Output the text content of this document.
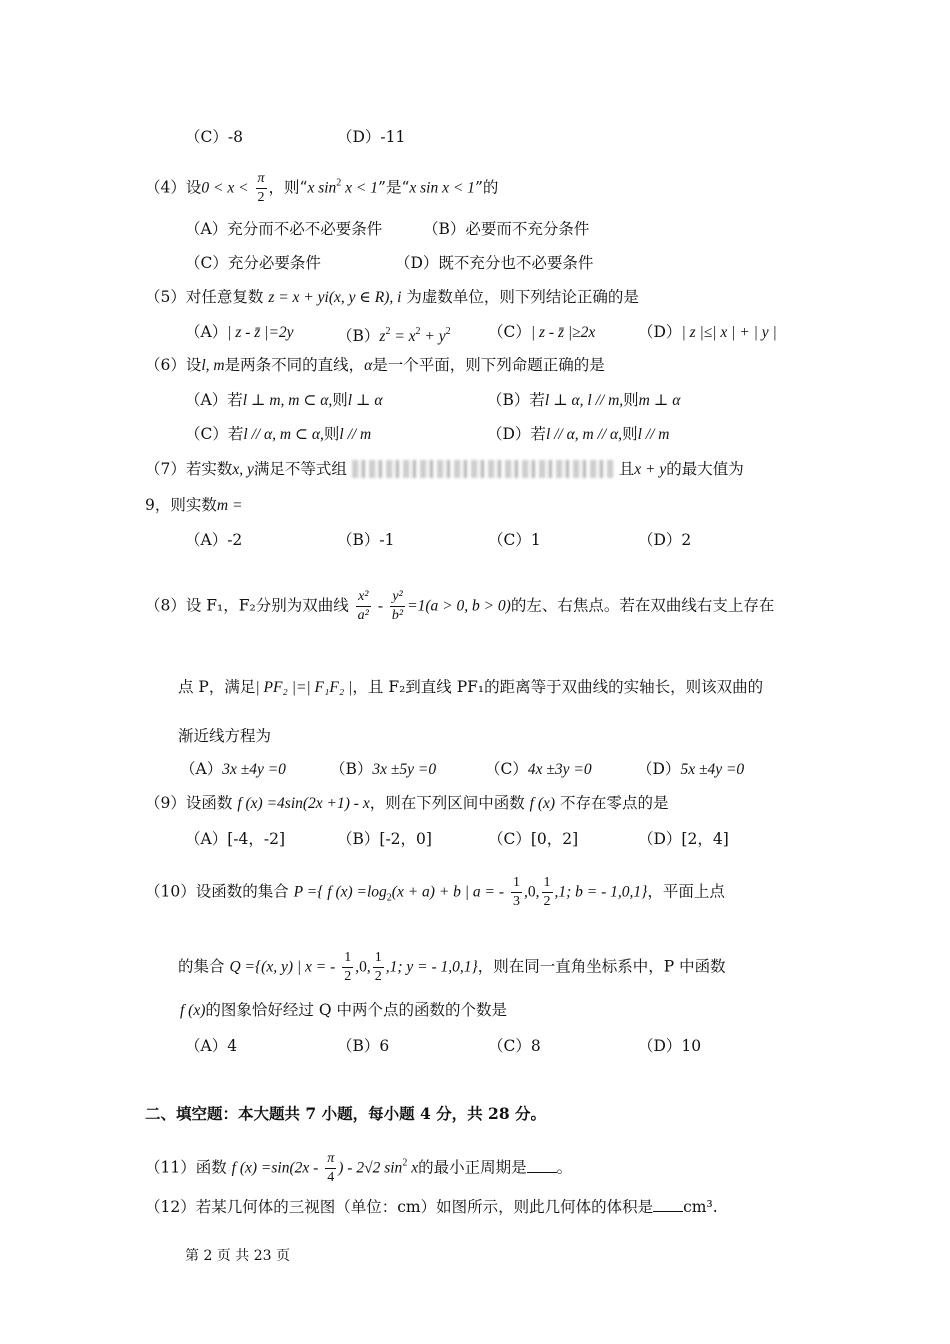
（C）-8	（D）-11
（4）设$0 < x < \frac{\pi}{2}$ ，则“x $\sin^2 x < 1$”是“x sin x < 1”的
（A）充分而不必不必要条件	（B）必要而不充分条件
（C）充分必要条件	（D）既不充分也不必要条件
（5）对任意复数 z = x + yi(x, y ∈ R), i 为虚数单位，则下列结论正确的是
（A）| z - z̄ |=2y	$(B)z^2 = x^2 + y^2$ （C）| z - z̄ |≥2x	（D）| z |≤| x | + | y |
（6）设l, m是两条不同的直线，α是一个平面，则下列命题正确的是
（A）若l ⊥ m, m ⊂ α,则l ⊥ α	（B）若l ⊥ α, l // m,则m ⊥ α
（C）若l // α, m ⊂ α,则l // m	（D）若l // α, m // α,则l // m
（7）若实数x, y满足不等式组	且x + y的最大值为
9，则实数m =
（A）-2	（B）-1	（C）1	（D）2
（8）设 F₁，F₂分别为双曲线 $\frac{\text{x²}}{\text{a²}} - \frac{\text{y²}}{\text{b²}} =1(a > 0$, b > 0)的左、右焦点。若在双曲线右支上存在
点 P，满足| PF₂ |=| F₁F₂ |，且 F₂到直线 PF₁的距离等于双曲线的实轴长，则该双曲的
渐近线方程为
（A）3x ±4y =0	（B）3x ±5y =0	（C）4x ±3y =0	（D）5x ±4y =0
（9）设函数 f (x) =4sin(2x +1) - x，则在下列区间中函数 f (x) 不存在零点的是
（A）[-4，-2]	（B）[-2，0]	（C）[0，2]	（D）[2，4]
（10）设函数的集合 P ={ f $(x) =\log_2(x + a) + b$ | a = - $\frac{1}{3} ,0$, $\frac{1}{2} ,1$; b = - 1,0,1}，平面上点
的集合 Q ={(x, y) | x = - $\frac{1}{2} ,0$, $\frac{1}{2} ,1$; y = - 1,0,1}，则在同一直角坐标系中，P 中函数
f (x)的图象恰好经过 Q 中两个点的函数的个数是
（A）4	（B）6	（C）8	（D）10
二、填空题：本大题共 7 小题，每小题 4 分，共 28 分。
（11）函数 f $(x) =\sin(2x - \frac{\pi}{4}$ ) - 2√2 $\sin^2 x$的最小正周期是 。
（12）若某几何体的三视图（单位：cm）如图所示，则此几何体的体积是 cm³.
第 2 页 共 23 页
